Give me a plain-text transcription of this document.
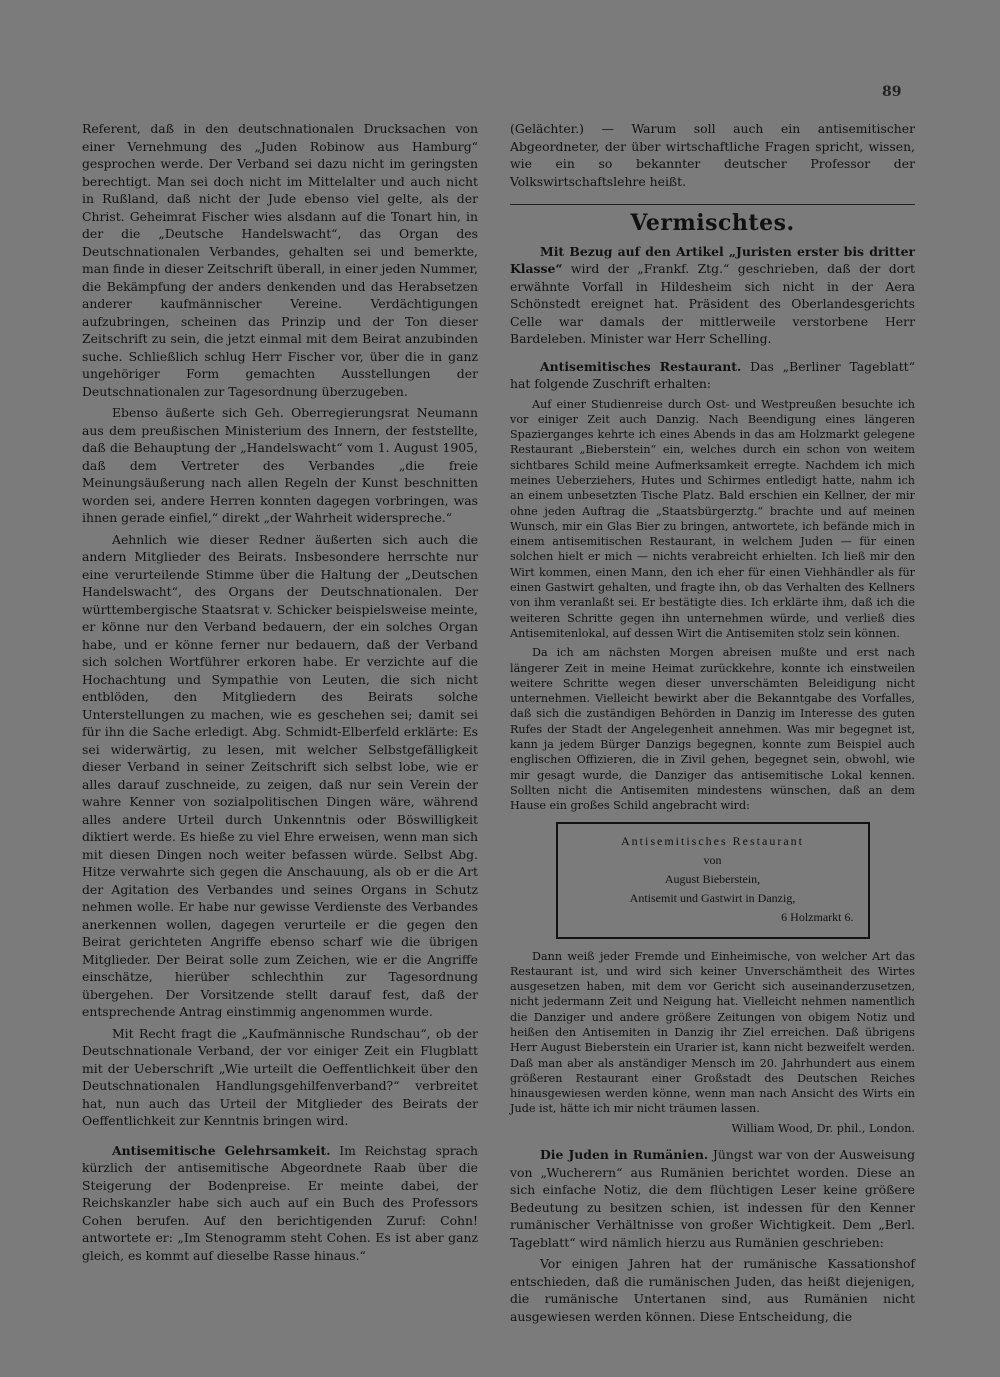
89

Referent, daß in den deutschnationalen Drucksachen von einer Vernehmung des „Juden Robinow aus Hamburg“ gesprochen werde. Der Verband sei dazu nicht im geringsten berechtigt. Man sei doch nicht im Mittelalter und auch nicht in Rußland, daß nicht der Jude ebenso viel gelte, als der Christ. Geheimrat Fischer wies alsdann auf die Tonart hin, in der die „Deutsche Handelswacht“, das Organ des Deutschnationalen Verbandes, gehalten sei und bemerkte, man finde in dieser Zeitschrift überall, in einer jeden Nummer, die Bekämpfung der anders denkenden und das Herabsetzen anderer kaufmännischer Vereine. Verdächtigungen aufzubringen, scheinen das Prinzip und der Ton dieser Zeitschrift zu sein, die jetzt einmal mit dem Beirat anzubinden suche. Schließlich schlug Herr Fischer vor, über die in ganz ungehöriger Form gemachten Ausstellungen der Deutschnationalen zur Tagesordnung überzugeben.

Ebenso äußerte sich Geh. Oberregierungsrat Neumann aus dem preußischen Ministerium des Innern, der feststellte, daß die Behauptung der „Handelswacht“ vom 1. August 1905, daß dem Vertreter des Verbandes „die freie Meinungsäußerung nach allen Regeln der Kunst beschnitten worden sei, andere Herren konnten dagegen vorbringen, was ihnen gerade einfiel,“ direkt „der Wahrheit widerspreche.“

Aehnlich wie dieser Redner äußerten sich auch die andern Mitglieder des Beirats. Insbesondere herrschte nur eine verurteilende Stimme über die Haltung der „Deutschen Handelswacht“, des Organs der Deutschnationalen. Der württembergische Staatsrat v. Schicker beispielsweise meinte, er könne nur den Verband bedauern, der ein solches Organ habe, und er könne ferner nur bedauern, daß der Verband sich solchen Wortführer erkoren habe. Er verzichte auf die Hochachtung und Sympathie von Leuten, die sich nicht entblöden, den Mitgliedern des Beirats solche Unterstellungen zu machen, wie es geschehen sei; damit sei für ihn die Sache erledigt. Abg. Schmidt-Elberfeld erklärte: Es sei widerwärtig, zu lesen, mit welcher Selbstgefälligkeit dieser Verband in seiner Zeitschrift sich selbst lobe, wie er alles darauf zuschneide, zu zeigen, daß nur sein Verein der wahre Kenner von sozialpolitischen Dingen wäre, während alles andere Urteil durch Unkenntnis oder Böswilligkeit diktiert werde. Es hieße zu viel Ehre erweisen, wenn man sich mit diesen Dingen noch weiter befassen würde. Selbst Abg. Hitze verwahrte sich gegen die Anschauung, als ob er die Art der Agitation des Verbandes und seines Organs in Schutz nehmen wolle. Er habe nur gewisse Verdienste des Verbandes anerkennen wollen, dagegen verurteile er die gegen den Beirat gerichteten Angriffe ebenso scharf wie die übrigen Mitglieder. Der Beirat solle zum Zeichen, wie er die Angriffe einschätze, hierüber schlechthin zur Tagesordnung übergehen. Der Vorsitzende stellt darauf fest, daß der entsprechende Antrag einstimmig angenommen wurde.

Mit Recht fragt die „Kaufmännische Rundschau“, ob der Deutschnationale Verband, der vor einiger Zeit ein Flugblatt mit der Ueberschrift „Wie urteilt die Oeffentlichkeit über den Deutschnationalen Handlungsgehilfenverband?“ verbreitet hat, nun auch das Urteil der Mitglieder des Beirats der Oeffentlichkeit zur Kenntnis bringen wird.

Antisemitische Gelehrsamkeit. Im Reichstag sprach kürzlich der antisemitische Abgeordnete Raab über die Steigerung der Bodenpreise. Er meinte dabei, der Reichskanzler habe sich auch auf ein Buch des Professors Cohen berufen. Auf den berichtigenden Zuruf: Cohn! antwortete er: „Im Stenogramm steht Cohen. Es ist aber ganz gleich, es kommt auf dieselbe Rasse hinaus.“

(Gelächter.) — Warum soll auch ein antisemitischer Abgeordneter, der über wirtschaftliche Fragen spricht, wissen, wie ein so bekannter deutscher Professor der Volkswirtschaftslehre heißt.

Vermischtes.

Mit Bezug auf den Artikel „Juristen erster bis dritter Klasse“ wird der „Frankf. Ztg.“ geschrieben, daß der dort erwähnte Vorfall in Hildesheim sich nicht in der Aera Schönstedt ereignet hat. Präsident des Oberlandesgerichts Celle war damals der mittlerweile verstorbene Herr Bardeleben. Minister war Herr Schelling.

Antisemitisches Restaurant. Das „Berliner Tageblatt“ hat folgende Zuschrift erhalten:

Auf einer Studienreise durch Ost- und Westpreußen besuchte ich vor einiger Zeit auch Danzig. Nach Beendigung eines längeren Spazierganges kehrte ich eines Abends in das am Holzmarkt gelegene Restaurant „Bieberstein“ ein, welches durch ein schon von weitem sichtbares Schild meine Aufmerksamkeit erregte. Nachdem ich mich meines Ueberziehers, Hutes und Schirmes entledigt hatte, nahm ich an einem unbesetzten Tische Platz. Bald erschien ein Kellner, der mir ohne jeden Auftrag die „Staatsbürgerztg.“ brachte und auf meinen Wunsch, mir ein Glas Bier zu bringen, antwortete, ich befände mich in einem antisemitischen Restaurant, in welchem Juden — für einen solchen hielt er mich — nichts verabreicht erhielten. Ich ließ mir den Wirt kommen, einen Mann, den ich eher für einen Viehhändler als für einen Gastwirt gehalten, und fragte ihn, ob das Verhalten des Kellners von ihm veranlaßt sei. Er bestätigte dies. Ich erklärte ihm, daß ich die weiteren Schritte gegen ihn unternehmen würde, und verließ dies Antisemitenlokal, auf dessen Wirt die Antisemiten stolz sein können.

Da ich am nächsten Morgen abreisen mußte und erst nach längerer Zeit in meine Heimat zurückkehre, konnte ich einstweilen weitere Schritte wegen dieser unverschämten Beleidigung nicht unternehmen. Vielleicht bewirkt aber die Bekanntgabe des Vorfalles, daß sich die zuständigen Behörden in Danzig im Interesse des guten Rufes der Stadt der Angelegenheit annehmen. Was mir begegnet ist, kann ja jedem Bürger Danzigs begegnen, konnte zum Beispiel auch englischen Offizieren, die in Zivil gehen, begegnet sein, obwohl, wie mir gesagt wurde, die Danziger das antisemitische Lokal kennen. Sollten nicht die Antisemiten mindestens wünschen, daß an dem Hause ein großes Schild angebracht wird:

Antisemitisches Restaurant
von
August Bieberstein,
Antisemit und Gastwirt in Danzig,
6 Holzmarkt 6.

Dann weiß jeder Fremde und Einheimische, von welcher Art das Restaurant ist, und wird sich keiner Unverschämtheit des Wirtes ausgesetzen haben, mit dem vor Gericht sich auseinanderzusetzen, nicht jedermann Zeit und Neigung hat. Vielleicht nehmen namentlich die Danziger und andere größere Zeitungen von obigem Notiz und heißen den Antisemiten in Danzig ihr Ziel erreichen. Daß übrigens Herr August Bieberstein ein Urarier ist, kann nicht bezweifelt werden. Daß man aber als anständiger Mensch im 20. Jahrhundert aus einem größeren Restaurant einer Großstadt des Deutschen Reiches hinausgewiesen werden könne, wenn man nach Ansicht des Wirts ein Jude ist, hätte ich mir nicht träumen lassen.

William Wood, Dr. phil., London.

Die Juden in Rumänien. Jüngst war von der Ausweisung von „Wucherern“ aus Rumänien berichtet worden. Diese an sich einfache Notiz, die dem flüchtigen Leser keine größere Bedeutung zu besitzen schien, ist indessen für den Kenner rumänischer Verhältnisse von großer Wichtigkeit. Dem „Berl. Tageblatt“ wird nämlich hierzu aus Rumänien geschrieben:

Vor einigen Jahren hat der rumänische Kassationshof entschieden, daß die rumänischen Juden, das heißt diejenigen, die rumänische Untertanen sind, aus Rumänien nicht ausgewiesen werden können. Diese Entscheidung, die
